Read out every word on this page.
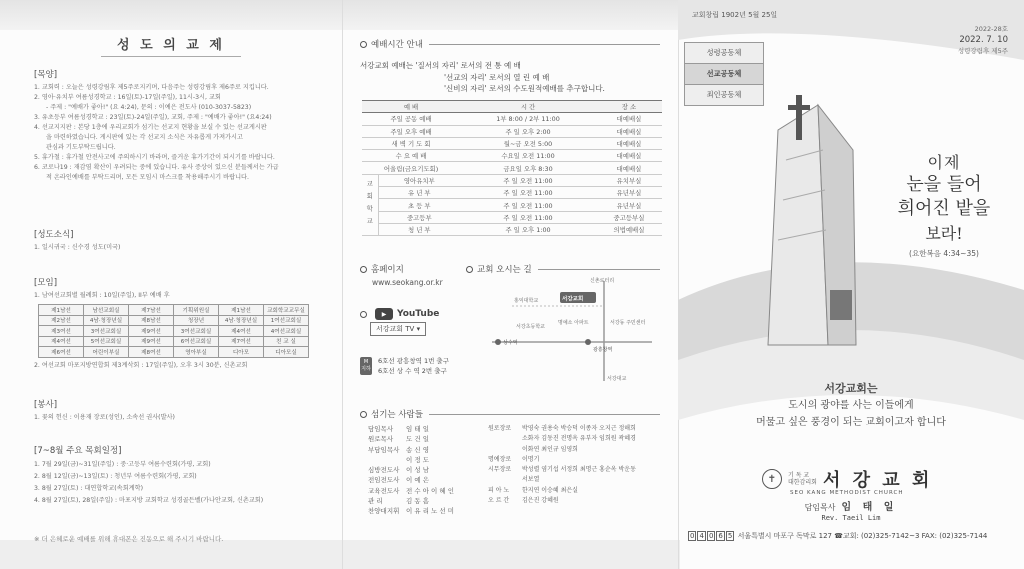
성 도 의 교 제
[목양]
1. 교회력 : 오늘은 성령강림후 제5주로지키며, 다음주는 성령강림후 제6주로 지킵니다.
2. 영아·유치부 여름성경학교 : 16일(토)-17일(주일), 11시-3시, 교회
- 주제 : "예배가 좋아!" (요 4:24), 문의 : 이예은 전도사 (010-3037-5823)
3. 유초등부 여름성경학교 : 23일(토)-24일(주일), 교회, 주제 : "예배가 좋아!" (요4:24)
4. 선교지지판 : 본당 1층에 우리교회가 섬기는 선교지 현황을 보실 수 있는 선교게시판
을 마련하였습니다. 게시판에 있는 각 선교지 소식은 자유롭게 가져가시고
관심과 기도부탁드립니다.
5. 휴가철 : 휴가철 안전사고에 주의하시기 바라며, 즐거운 휴가기간이 되시기를 바랍니다.
6. 코로나19 : 재감염 확산이 우려되는 중에 있습니다. 유사 증상이 있으신 분들께서는 가급
적 온라인예배를 부탁드리며, 모든 모임시 마스크를 착용해주시기 바랍니다.
[성도소식]
1. 일시귀국 : 신수경 성도(미국)
[모임]
1. 남여선교회별 월례회 : 10일(주일), II부 예배 후
제1남선	남선교회실	제7남선	기획위원실	제1남선	교회학교교무실
제2남선	4남·청장년실	제8남선	청장년	4남·청장년실	1여선교회실
제3여선	3여선교회실	제9여선	3여선교회실	제4여선	4여선교회실
제4여선	5여선교회실	제9여선	6여선교회실	제7여선	친 교 실
제6여선	어린이부실	제8여선	영아부실	디아모	디아모실
2. 여선교회 마포지방연합회 제3계삭회 : 17일(주일), 오후 3시 30분, 신촌교회
[봉사]
1. 꽃의 헌신 : 이용재 장로(성인), 소속선 권사(발사)
[7~8월 주요 목회일정]
1. 7월 29일(금)~31일(주일) : 중·고등부 여름수련회(가평, 교회)
2. 8월 12일(금)~13일(토) : 청년부 여름수련회(가평, 교회)
3. 8월 27일(토) : 대연합학교(속회계학)
4. 8월 27일(토), 28일(주일) : 마포지방 교회학교 성경골든벨(가나안교회, 신촌교회)
※ 더 은혜로운 예배를 위해 휴대폰은 진동으로 해 주시기 바랍니다.
예배시간 안내
서강교회 예배는 '질서의 자리' 로서의 전 통 예 배
'선교의 자리' 로서의 열 린 예 배
'신비의 자리' 로서의 수도원적예배를 추구합니다.
예 배		시 간	장 소
주일 공동 예배		1부 8:00 / 2부 11:00	대예배실
주일 오후 예배		주 일 오후 2:00	대예배실
새 벽 기 도 회		월~금 오전 5:00	대예배실
수 요 예 배		수요일 오전 11:00	대예배실
어울림(금요기도회)		금요일 오후 8:30	대예배실
교회학교	영아유치부	주 일 오전 11:00	유치부실
	유 년 부	주 일 오전 11:00	유년부실
	초 등 부	주 일 오전 11:00	유년부실
	중고등부	주 일 오전 11:00	중고등부실
	청 년 부	주 일 오후 1:00	의법예배실
홈페이지
www.seokang.or.kr
▶	YouTube
서강교회 TV ▾
M
지하
6호선 광흥창역 1번 출구
6호선 상 수 역 2번 출구
교회 오시는 길
신촌로터리
홍익대학교	서강교회
서강초등학교
명예소 아파트	서강동 주민센터
상수역
광흥창역
서강대교
섬기는 사람들
담임목사 임 태 일
원로목사 도 건 일
부담임목사 송 신 영
이 정 도
심방전도사 이 성 남
전임전도사 이 예 은
교육전도사 전 수 아 이 혜 인
관 리	김 동 흠
찬양대지휘 이 유 리 노 선 미
원로장로 박영숙 권용숙 박승덕 이종자 오지근 정해희
소화자 김동진 전명옥 유부자 임희원 곽혜경
이화연 최인규 임영희
명예장로 이명기
시무장로 박성렬 염기섭 서정희 최명근 홍순옥 박운동
서보열
피 아 노 한지연 이승혜 최은실
오 르 간 김은진 강혜원
교회창립 1902년 5월 25일
2022-28호
2022. 7. 10
성령강림후 제5주
성령공동체
선교공동체
죄인공동체
이제
눈을 들어
희어진 밭을
보라!
(요한복음 4:34~35)
서강교회는
도시의 광야를 사는 이들에게
머물고 싶은 풍경이 되는 교회이고자 합니다
✝	기 독 교
대한감리회 서 강 교 회
SEO KANG METHODIST CHURCH
담임목사 임 태 일
Rev. Taeil Lim
0 4 0 6 5 서울특별시 마포구 독막로 127 ☎교회: (02)325-7142~3 FAX: (02)325-7144
